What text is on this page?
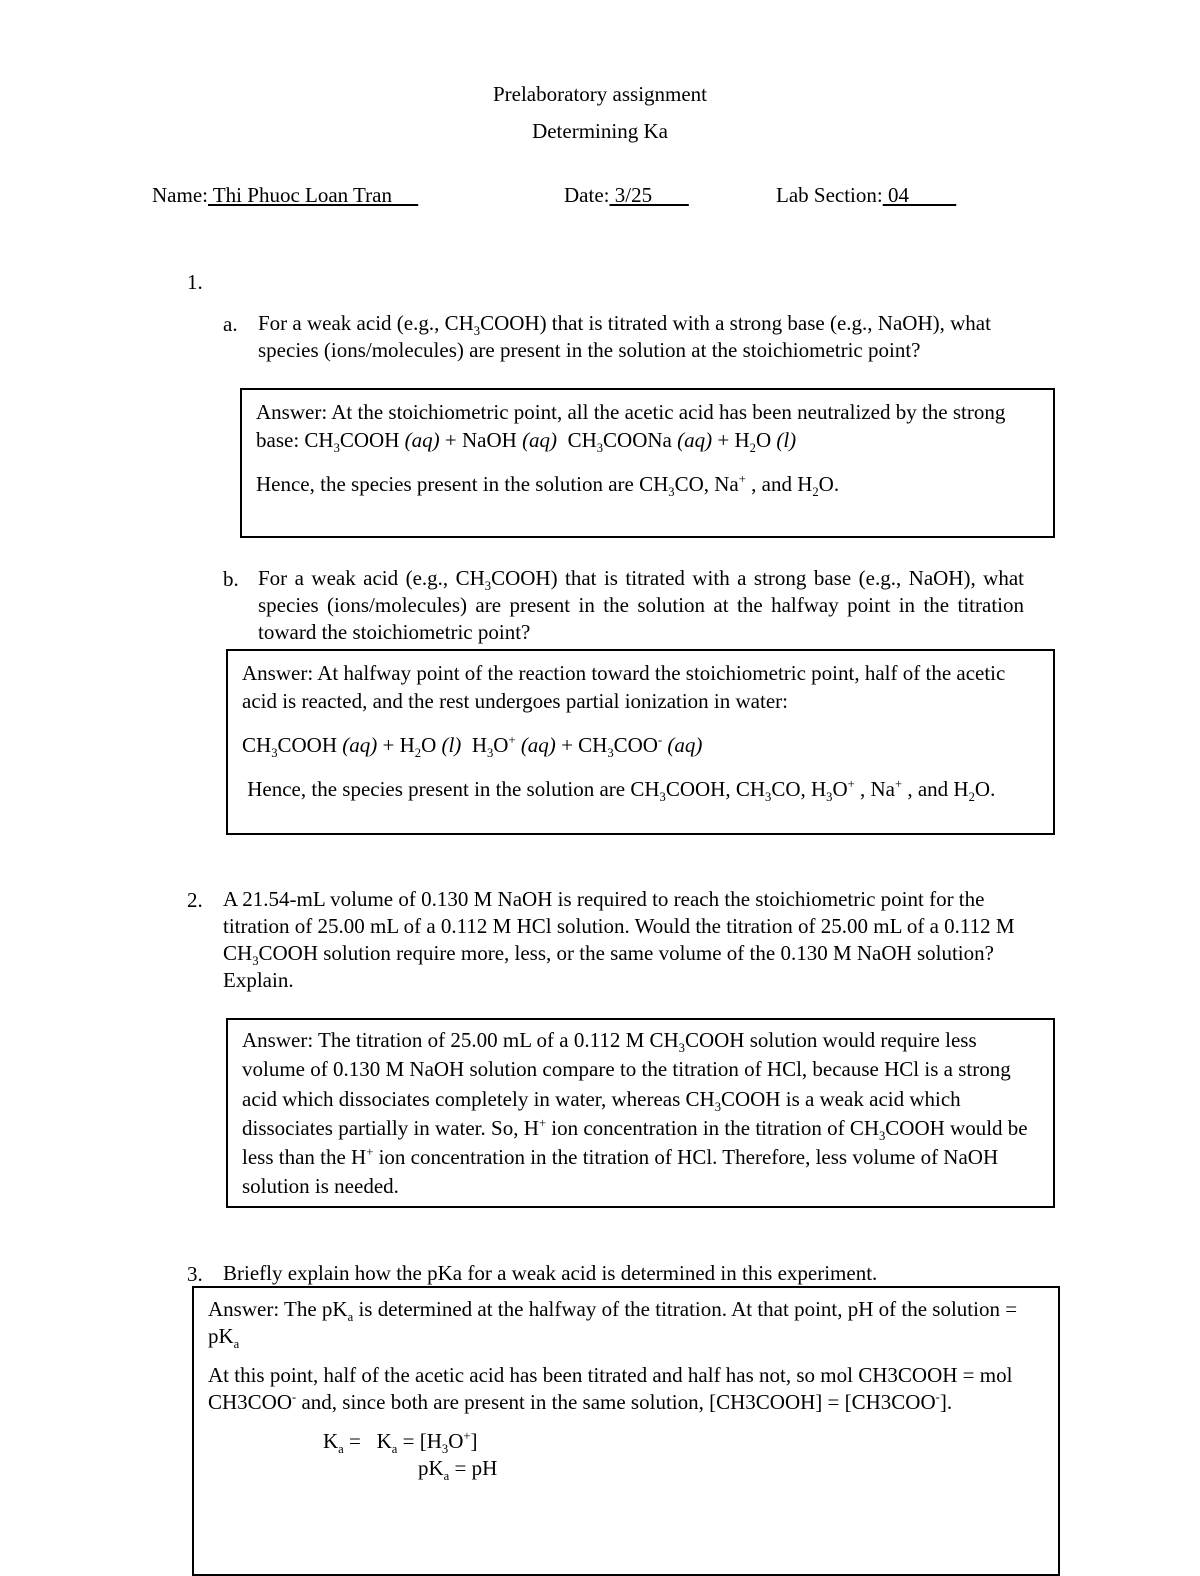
Prelaboratory assignment
Determining Ka
Name: Thi Phuoc Loan Tran	Date: 3/25	Lab Section: 04
1.
a. For a weak acid (e.g., $CH_3COOH$) that is titrated with a strong base (e.g., NaOH), what species (ions/molecules) are present in the solution at the stoichiometric point?

Answer: At the stoichiometric point, all the acetic acid has been neutralized by the strong base: $CH_3COOH$ (aq) + NaOH (aq)  $CH_3COONa$ $(aq) + H_2O$ (l)

Hence, the species present in the solution are $CH_3CO$, Na+ , and $H_2O$.

b. For a weak acid (e.g., $CH_3COOH$) that is titrated with a strong base (e.g., NaOH), what species (ions/molecules) are present in the solution at the halfway point in the titration toward the stoichiometric point?

Answer: At halfway point of the reaction toward the stoichiometric point, half of the acetic acid is reacted, and the rest undergoes partial ionization in water:

$CH_3COOH$ $(aq) + H_2O$ (l)  $H_3O^+$ $(aq) + CH_3COO^-$ (aq)

Hence, the species present in the solution are $CH_3COOH$, $CH_3CO$, $H_3O^+$ , Na+ , and $H_2O$.

2. A 21.54-mL volume of 0.130 M NaOH is required to reach the stoichiometric point for the titration of 25.00 mL of a 0.112 M HCl solution. Would the titration of 25.00 mL of a 0.112 M $CH_3COOH$ solution require more, less, or the same volume of the 0.130 M NaOH solution? Explain.

Answer: The titration of 25.00 mL of a 0.112 M $CH_3COOH$ solution would require less volume of 0.130 M NaOH solution compare to the titration of HCl, because HCl is a strong acid which dissociates completely in water, whereas $CH_3COOH$ is a weak acid which dissociates partially in water. So, H+ ion concentration in the titration of $CH_3COOH$ would be less than the H+ ion concentration in the titration of HCl. Therefore, less volume of NaOH solution is needed.

3. Briefly explain how the pKa for a weak acid is determined in this experiment.

Answer: The $pK_a$ is determined at the halfway of the titration. At that point, pH of the solution = $pK_a$

At this point, half of the acetic acid has been titrated and half has not, so mol CH3COOH = mol CH3COO- and, since both are present in the same solution, [CH3COOH] = [CH3COO-].

$K_a = K_a = [H_3O^+]$

$pK_a$ = pH
